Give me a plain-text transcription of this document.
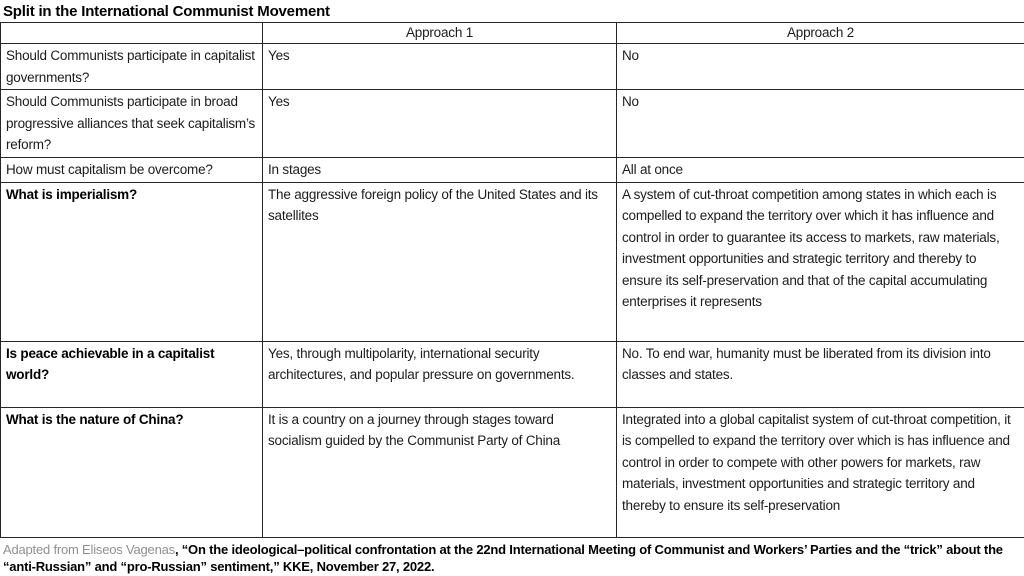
Split in the International Communist Movement
	Approach 1	Approach 2
Should Communists participate in capitalist governments?	Yes	No
Should Communists participate in broad progressive alliances that seek capitalism’s reform?	Yes	No
How must capitalism be overcome?	In stages	All at once
What is imperialism?	The aggressive foreign policy of the United States and its satellites	A system of cut-throat competition among states in which each is compelled to expand the territory over which it has influence and control in order to guarantee its access to markets, raw materials, investment opportunities and strategic territory and thereby to ensure its self-preservation and that of the capital accumulating enterprises it represents
Is peace achievable in a capitalist world?	Yes, through multipolarity, international security architectures, and popular pressure on governments.	No. To end war, humanity must be liberated from its division into classes and states.
What is the nature of China?	It is a country on a journey through stages toward socialism guided by the Communist Party of China	Integrated into a global capitalist system of cut-throat competition, it is compelled to expand the territory over which is has influence and control in order to compete with other powers for markets, raw materials, investment opportunities and strategic territory and thereby to ensure its self-preservation
Adapted from Eliseos Vagenas, “On the ideological–political confrontation at the 22nd International Meeting of Communist and Workers’ Parties and the “trick” about the “anti-Russian” and “pro-Russian” sentiment,” KKE, November 27, 2022.
